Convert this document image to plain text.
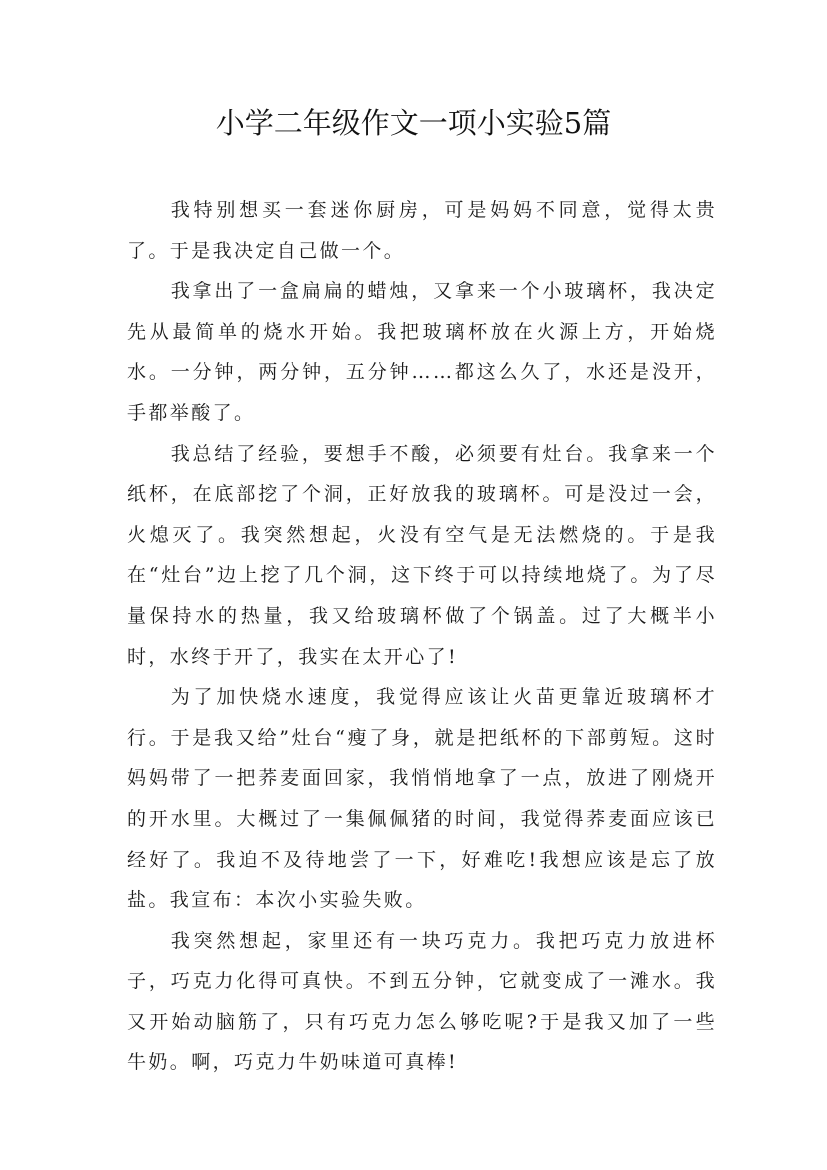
小学二年级作文一项小实验5篇

我特别想买一套迷你厨房，可是妈妈不同意，觉得太贵了。于是我决定自己做一个。

我拿出了一盒扁扁的蜡烛，又拿来一个小玻璃杯，我决定先从最简单的烧水开始。我把玻璃杯放在火源上方，开始烧水。一分钟，两分钟，五分钟……都这么久了，水还是没开，手都举酸了。

我总结了经验，要想手不酸，必须要有灶台。我拿来一个纸杯，在底部挖了个洞，正好放我的玻璃杯。可是没过一会，火熄灭了。我突然想起，火没有空气是无法燃烧的。于是我在“灶台”边上挖了几个洞，这下终于可以持续地烧了。为了尽量保持水的热量，我又给玻璃杯做了个锅盖。过了大概半小时，水终于开了，我实在太开心了!

为了加快烧水速度，我觉得应该让火苗更靠近玻璃杯才行。于是我又给”灶台“瘦了身，就是把纸杯的下部剪短。这时妈妈带了一把荞麦面回家，我悄悄地拿了一点，放进了刚烧开的开水里。大概过了一集佩佩猪的时间，我觉得荞麦面应该已经好了。我迫不及待地尝了一下，好难吃!我想应该是忘了放盐。我宣布：本次小实验失败。

我突然想起，家里还有一块巧克力。我把巧克力放进杯子，巧克力化得可真快。不到五分钟，它就变成了一滩水。我又开始动脑筋了，只有巧克力怎么够吃呢?于是我又加了一些牛奶。啊，巧克力牛奶味道可真棒!
